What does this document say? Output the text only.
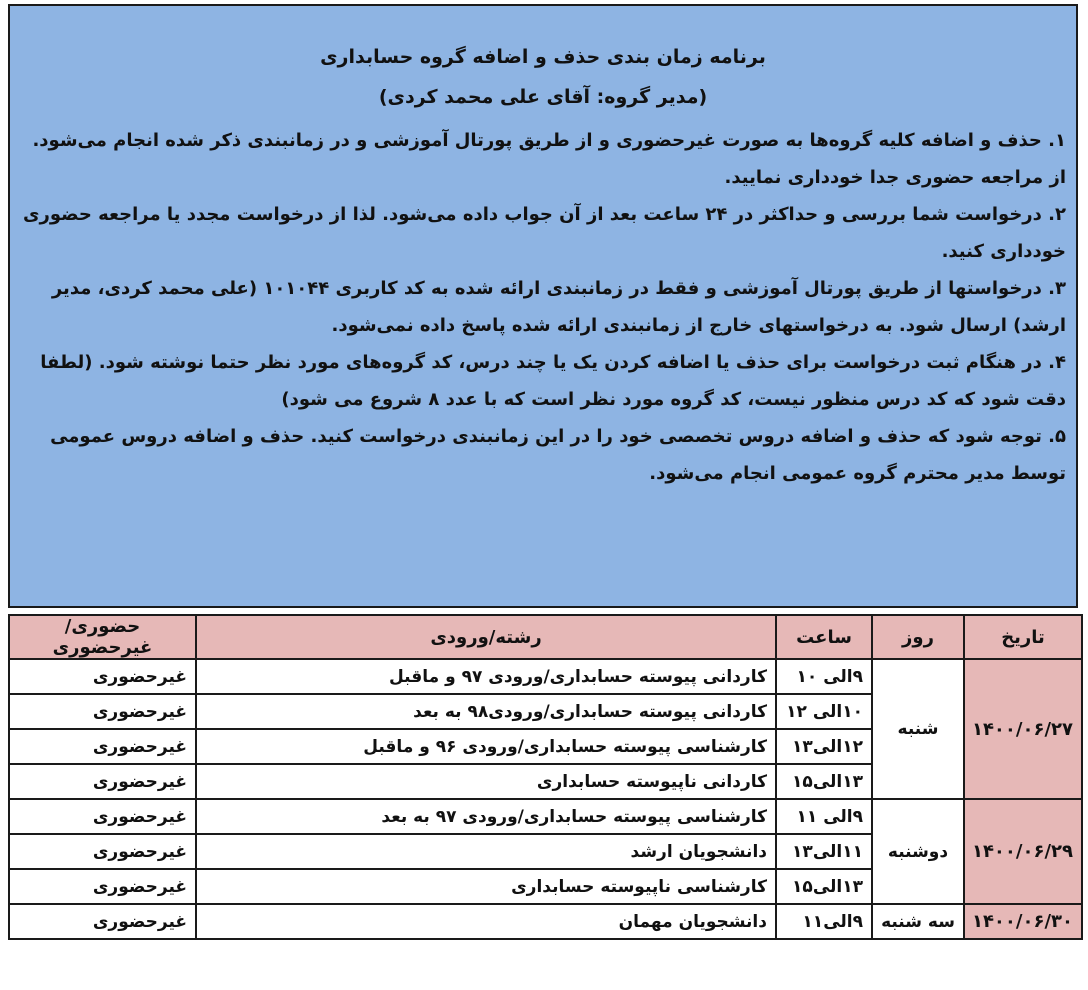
برنامه زمان بندی حذف و اضافه گروه حسابداری
(مدیر گروه: آقای علی محمد کردی)
۱. حذف و اضافه کلیه گروه‌ها به صورت غیرحضوری و از طریق پورتال آموزشی و در زمانبندی ذکر شده انجام می‌شود. از مراجعه حضوری جدا خودداری نمایید.
۲. درخواست شما بررسی و حداکثر در ۲۴ ساعت بعد از آن جواب داده می‌شود. لذا از درخواست مجدد یا مراجعه حضوری خودداری کنید.
۳. درخواستها از طریق پورتال آموزشی و فقط در زمانبندی ارائه شده به کد کاربری ۱۰۱۰۴۴ (علی محمد کردی، مدیر ارشد) ارسال شود. به درخواستهای خارج از زمانبندی ارائه شده پاسخ داده نمی‌شود.
۴. در هنگام ثبت درخواست برای حذف یا اضافه کردن یک یا چند درس، کد گروه‌های مورد نظر حتما نوشته شود. (لطفا دقت شود که کد درس منظور نیست، کد گروه مورد نظر است که با عدد ۸ شروع می شود)
۵. توجه شود که حذف و اضافه دروس تخصصی خود را در این زمانبندی درخواست کنید. حذف و اضافه دروس عمومی توسط مدیر محترم گروه عمومی انجام می‌شود.
تاریخ	روز	ساعت	رشته/ورودی	حضوری/غیرحضوری
۱۴۰۰/۰۶/۲۷	شنبه	۹الی ۱۰	کاردانی پیوسته حسابداری/ورودی ۹۷ و ماقبل	غیرحضوری
		۱۰الی ۱۲	کاردانی پیوسته حسابداری/ورودی۹۸ به بعد	غیرحضوری
		۱۲الی۱۳	کارشناسی پیوسته حسابداری/ورودی ۹۶ و ماقبل	غیرحضوری
		۱۳الی۱۵	کاردانی ناپیوسته حسابداری	غیرحضوری
۱۴۰۰/۰۶/۲۹	دوشنبه	۹الی ۱۱	کارشناسی پیوسته حسابداری/ورودی ۹۷ به بعد	غیرحضوری
		۱۱الی۱۳	دانشجویان ارشد	غیرحضوری
		۱۳الی۱۵	کارشناسی ناپیوسته حسابداری	غیرحضوری
۱۴۰۰/۰۶/۳۰	سه شنبه	۹الی۱۱	دانشجویان مهمان	غیرحضوری
